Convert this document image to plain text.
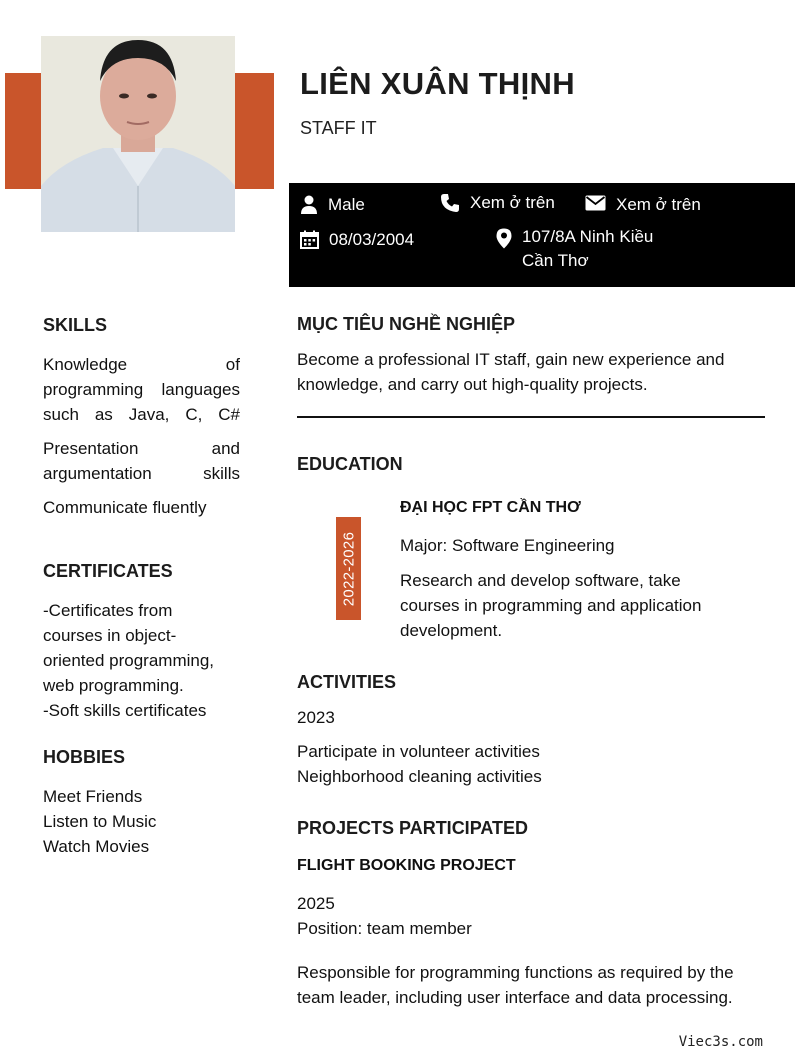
LIÊN XUÂN THỊNH
STAFF IT
Male	Xem ở trên	Xem ở trên
08/03/2004	107/8A Ninh Kiều Cần Thơ
SKILLS
Knowledge of programming languages such as Java, C, C#
Presentation and argumentation skills
Communicate fluently
CERTIFICATES
-Certificates from courses in object-oriented programming, web programming.
-Soft skills certificates
HOBBIES
Meet Friends
Listen to Music
Watch Movies
MỤC TIÊU NGHỀ NGHIỆP
Become a professional IT staff, gain new experience and knowledge, and carry out high-quality projects.
EDUCATION
2022-2026
ĐẠI HỌC FPT CẦN THƠ
Major: Software Engineering
Research and develop software, take courses in programming and application development.
ACTIVITIES
2023
Participate in volunteer activities
Neighborhood cleaning activities
PROJECTS PARTICIPATED
FLIGHT BOOKING PROJECT
2025
Position: team member
Responsible for programming functions as required by the team leader, including user interface and data processing.
Viec3s.com
